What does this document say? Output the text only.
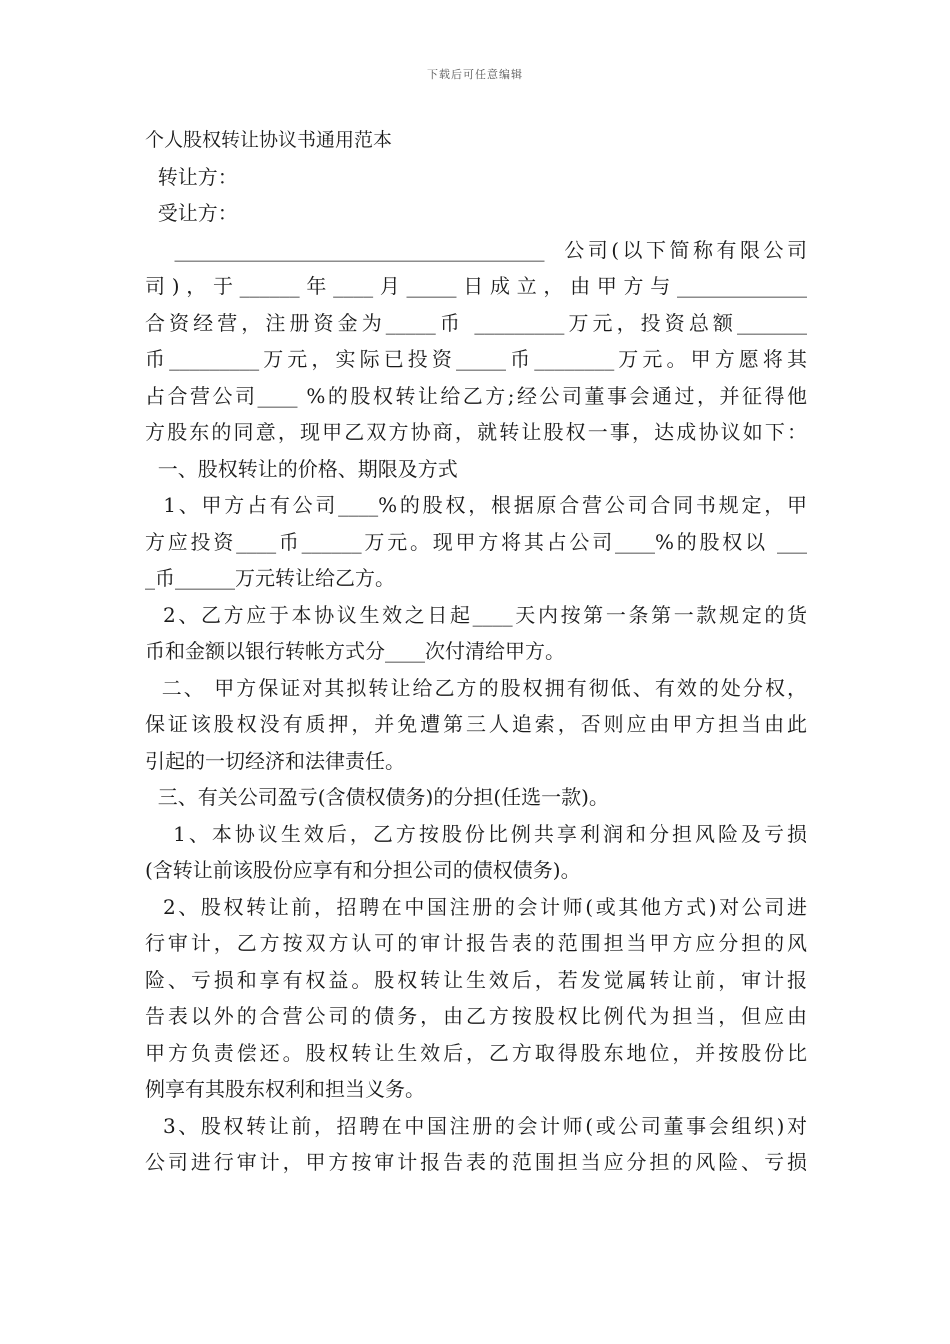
下载后可任意编辑
个人股权转让协议书通用范本
转让方：
受让方：
_____________________________________  公司(以下简称有限公司
司)，于______年____月_____日成立，由甲方与_____________
合资经营，注册资金为_____币 _________万元，投资总额_______
币_________万元，实际已投资_____币________万元。甲方愿将其
占合营公司____ %的股权转让给乙方;经公司董事会通过，并征得他
方股东的同意，现甲乙双方协商，就转让股权一事，达成协议如下：
一、股权转让的价格、期限及方式
1、甲方占有公司____%的股权，根据原合营公司合同书规定，甲
方应投资____币______万元。现甲方将其占公司____%的股权以 ___
_币______万元转让给乙方。
2、乙方应于本协议生效之日起____天内按第一条第一款规定的货
币和金额以银行转帐方式分____次付清给甲方。
二、 甲方保证对其拟转让给乙方的股权拥有彻低、有效的处分权，
保证该股权没有质押，并免遭第三人追索，否则应由甲方担当由此
引起的一切经济和法律责任。
三、有关公司盈亏(含债权债务)的分担(任选一款)。
1、本协议生效后，乙方按股份比例共享利润和分担风险及亏损
(含转让前该股份应享有和分担公司的债权债务)。
2、股权转让前，招聘在中国注册的会计师(或其他方式)对公司进
行审计，乙方按双方认可的审计报告表的范围担当甲方应分担的风
险、亏损和享有权益。股权转让生效后，若发觉属转让前，审计报
告表以外的合营公司的债务，由乙方按股权比例代为担当，但应由
甲方负责偿还。股权转让生效后，乙方取得股东地位，并按股份比
例享有其股东权利和担当义务。
3、股权转让前，招聘在中国注册的会计师(或公司董事会组织)对
公司进行审计，甲方按审计报告表的范围担当应分担的风险、亏损
